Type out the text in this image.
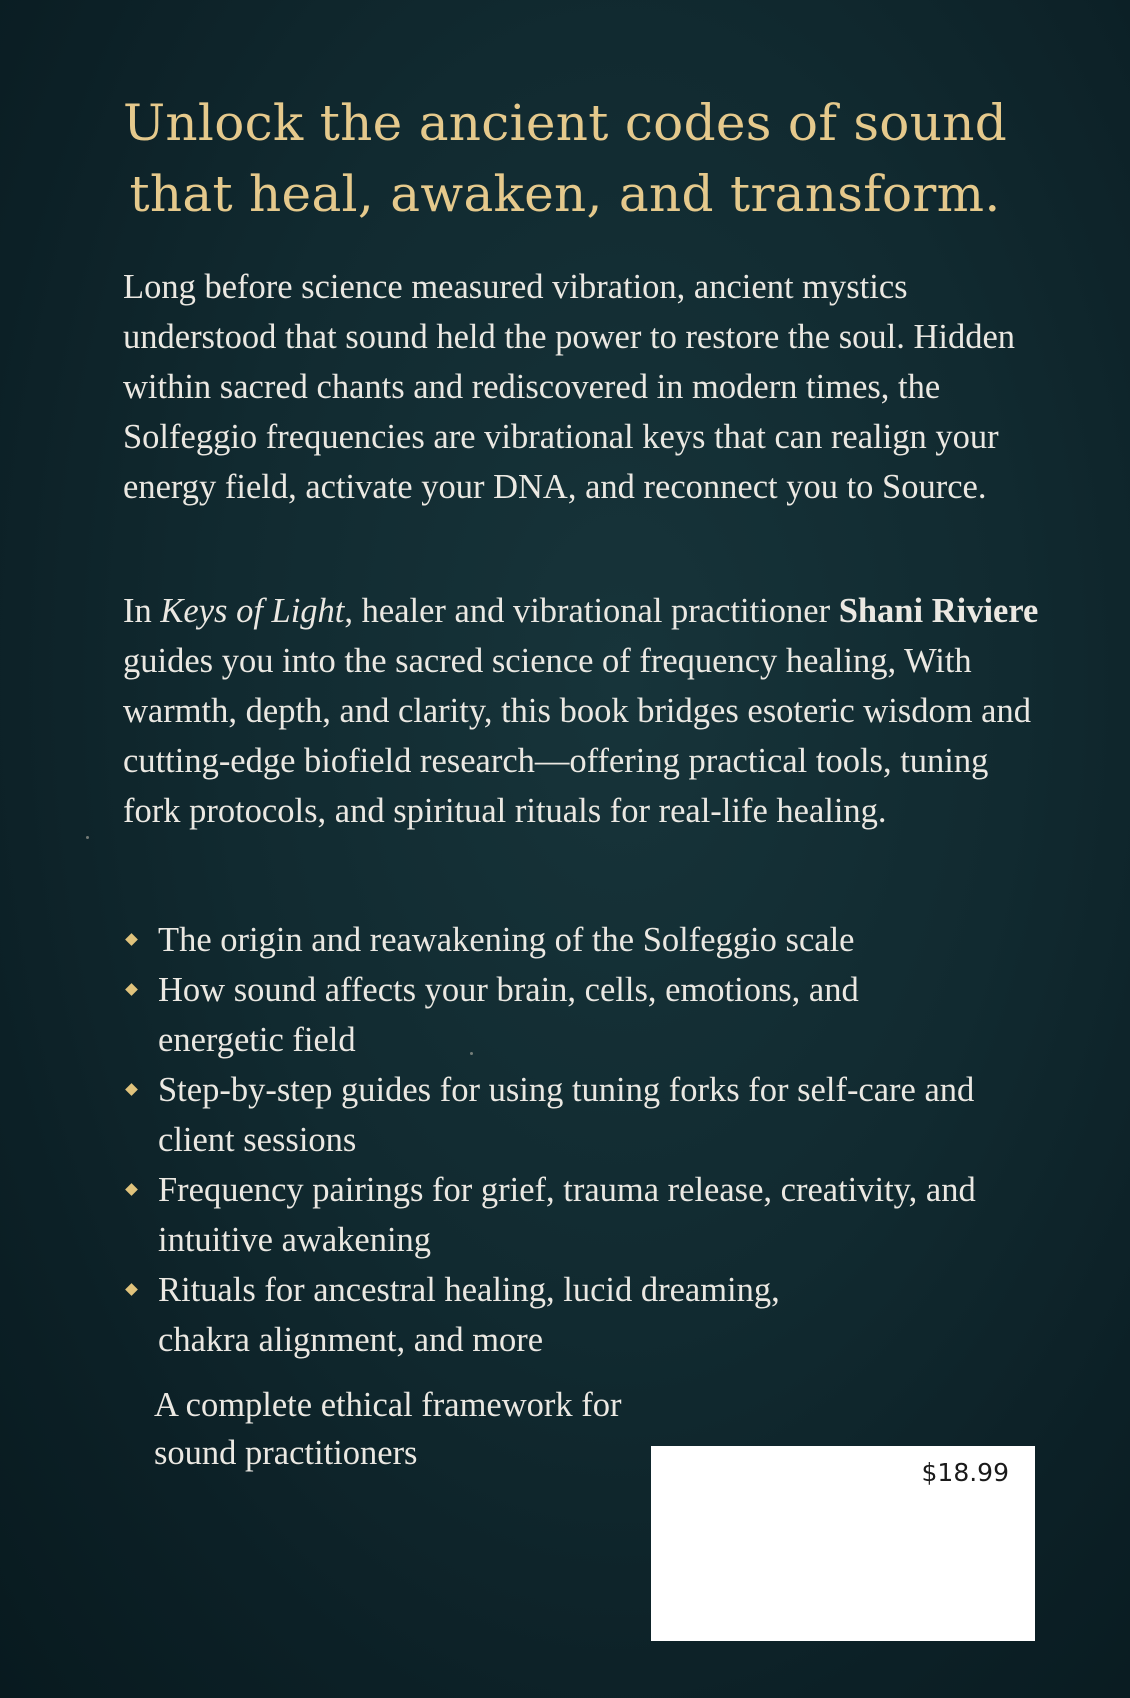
Unlock the ancient codes of sound
that heal, awaken, and transform.

Long before science measured vibration, ancient mystics understood that sound held the power to restore the soul. Hidden within sacred chants and rediscovered in modern times, the Solfeggio frequencies are vibrational keys that can realign your energy field, activate your DNA, and reconnect you to Source.

In Keys of Light, healer and vibrational practitioner Shani Riviere guides you into the sacred science of frequency healing, With warmth, depth, and clarity, this book bridges esoteric wisdom and cutting-edge biofield research—offering practical tools, tuning fork protocols, and spiritual rituals for real-life healing.

The origin and reawakening of the Solfeggio scale
How sound affects your brain, cells, emotions, and energetic field
Step-by-step guides for using tuning forks for self-care and client sessions
Frequency pairings for grief, trauma release, creativity, and intuitive awakening
Rituals for ancestral healing, lucid dreaming, chakra alignment, and more
A complete ethical framework for sound practitioners
$18.99
